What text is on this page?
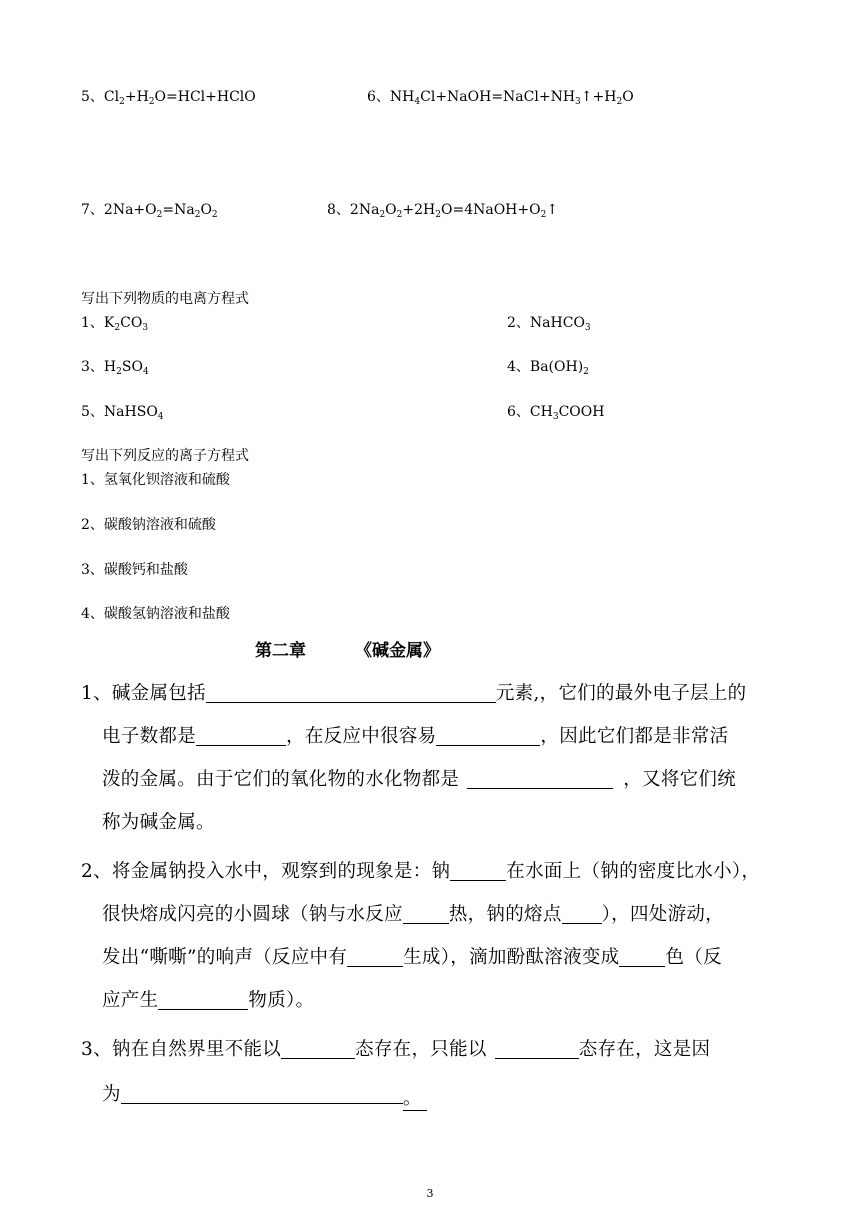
5、$Cl_2+H_2O=HCl+HClO$	6、$NH_4Cl+NaOH=NaCl+NH_3↑+H_2O$
7、$2Na+O_2=Na_2O_2$	8、$2Na_2O_2+2H_2O=4NaOH+O_2↑$
写出下列物质的电离方程式
1、$K_2CO_3$	2、NaHCO$_3$
3、$H_2SO_4$	4、$Ba(OH)_2$
5、NaHSO$_4$	6、$CH_3COOH$
写出下列反应的离子方程式
1、氢氧化钡溶液和硫酸
2、碳酸钠溶液和硫酸
3、碳酸钙和盐酸
4、碳酸氢钠溶液和盐酸
第二章	《碱金属》
1、碱金属包括	元素,，它们的最外电子层上的
电子数都是	，在反应中很容易	，因此它们都是非常活
泼的金属。由于它们的氧化物的水化物都是	，又将它们统
称为碱金属。
2、将金属钠投入水中，观察到的现象是：钠	在水面上（钠的密度比水小），
很快熔成闪亮的小圆球（钠与水反应 热，钠的熔点 ），四处游动，
发出“嘶嘶”的响声（反应中有	生成），滴加酚酞溶液变成 色（反
应产生	物质）。
3、钠在自然界里不能以	态存在，只能以	态存在，这是因
为	。
3
